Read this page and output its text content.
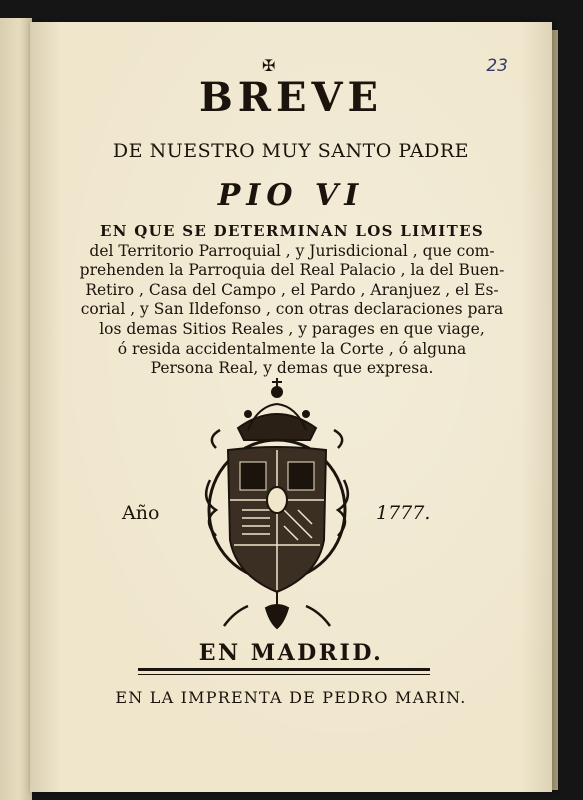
23
✠
BREVE
DE NUESTRO MUY SANTO PADRE
PIO VI
EN QUE SE DETERMINAN LOS LIMITES
del Territorio Parroquial , y Jurisdicional , que com-
prehenden la Parroquia del Real Palacio , la del Buen-
Retiro , Casa del Campo , el Pardo , Aranjuez , el Es-
corial , y San Ildefonso , con otras declaraciones para
los demas Sitios Reales , y parages en que viage,
ó resida accidentalmente la Corte , ó alguna
Persona Real, y demas que expresa.
Año	1777.
EN MADRID.
EN LA IMPRENTA DE PEDRO MARIN.
